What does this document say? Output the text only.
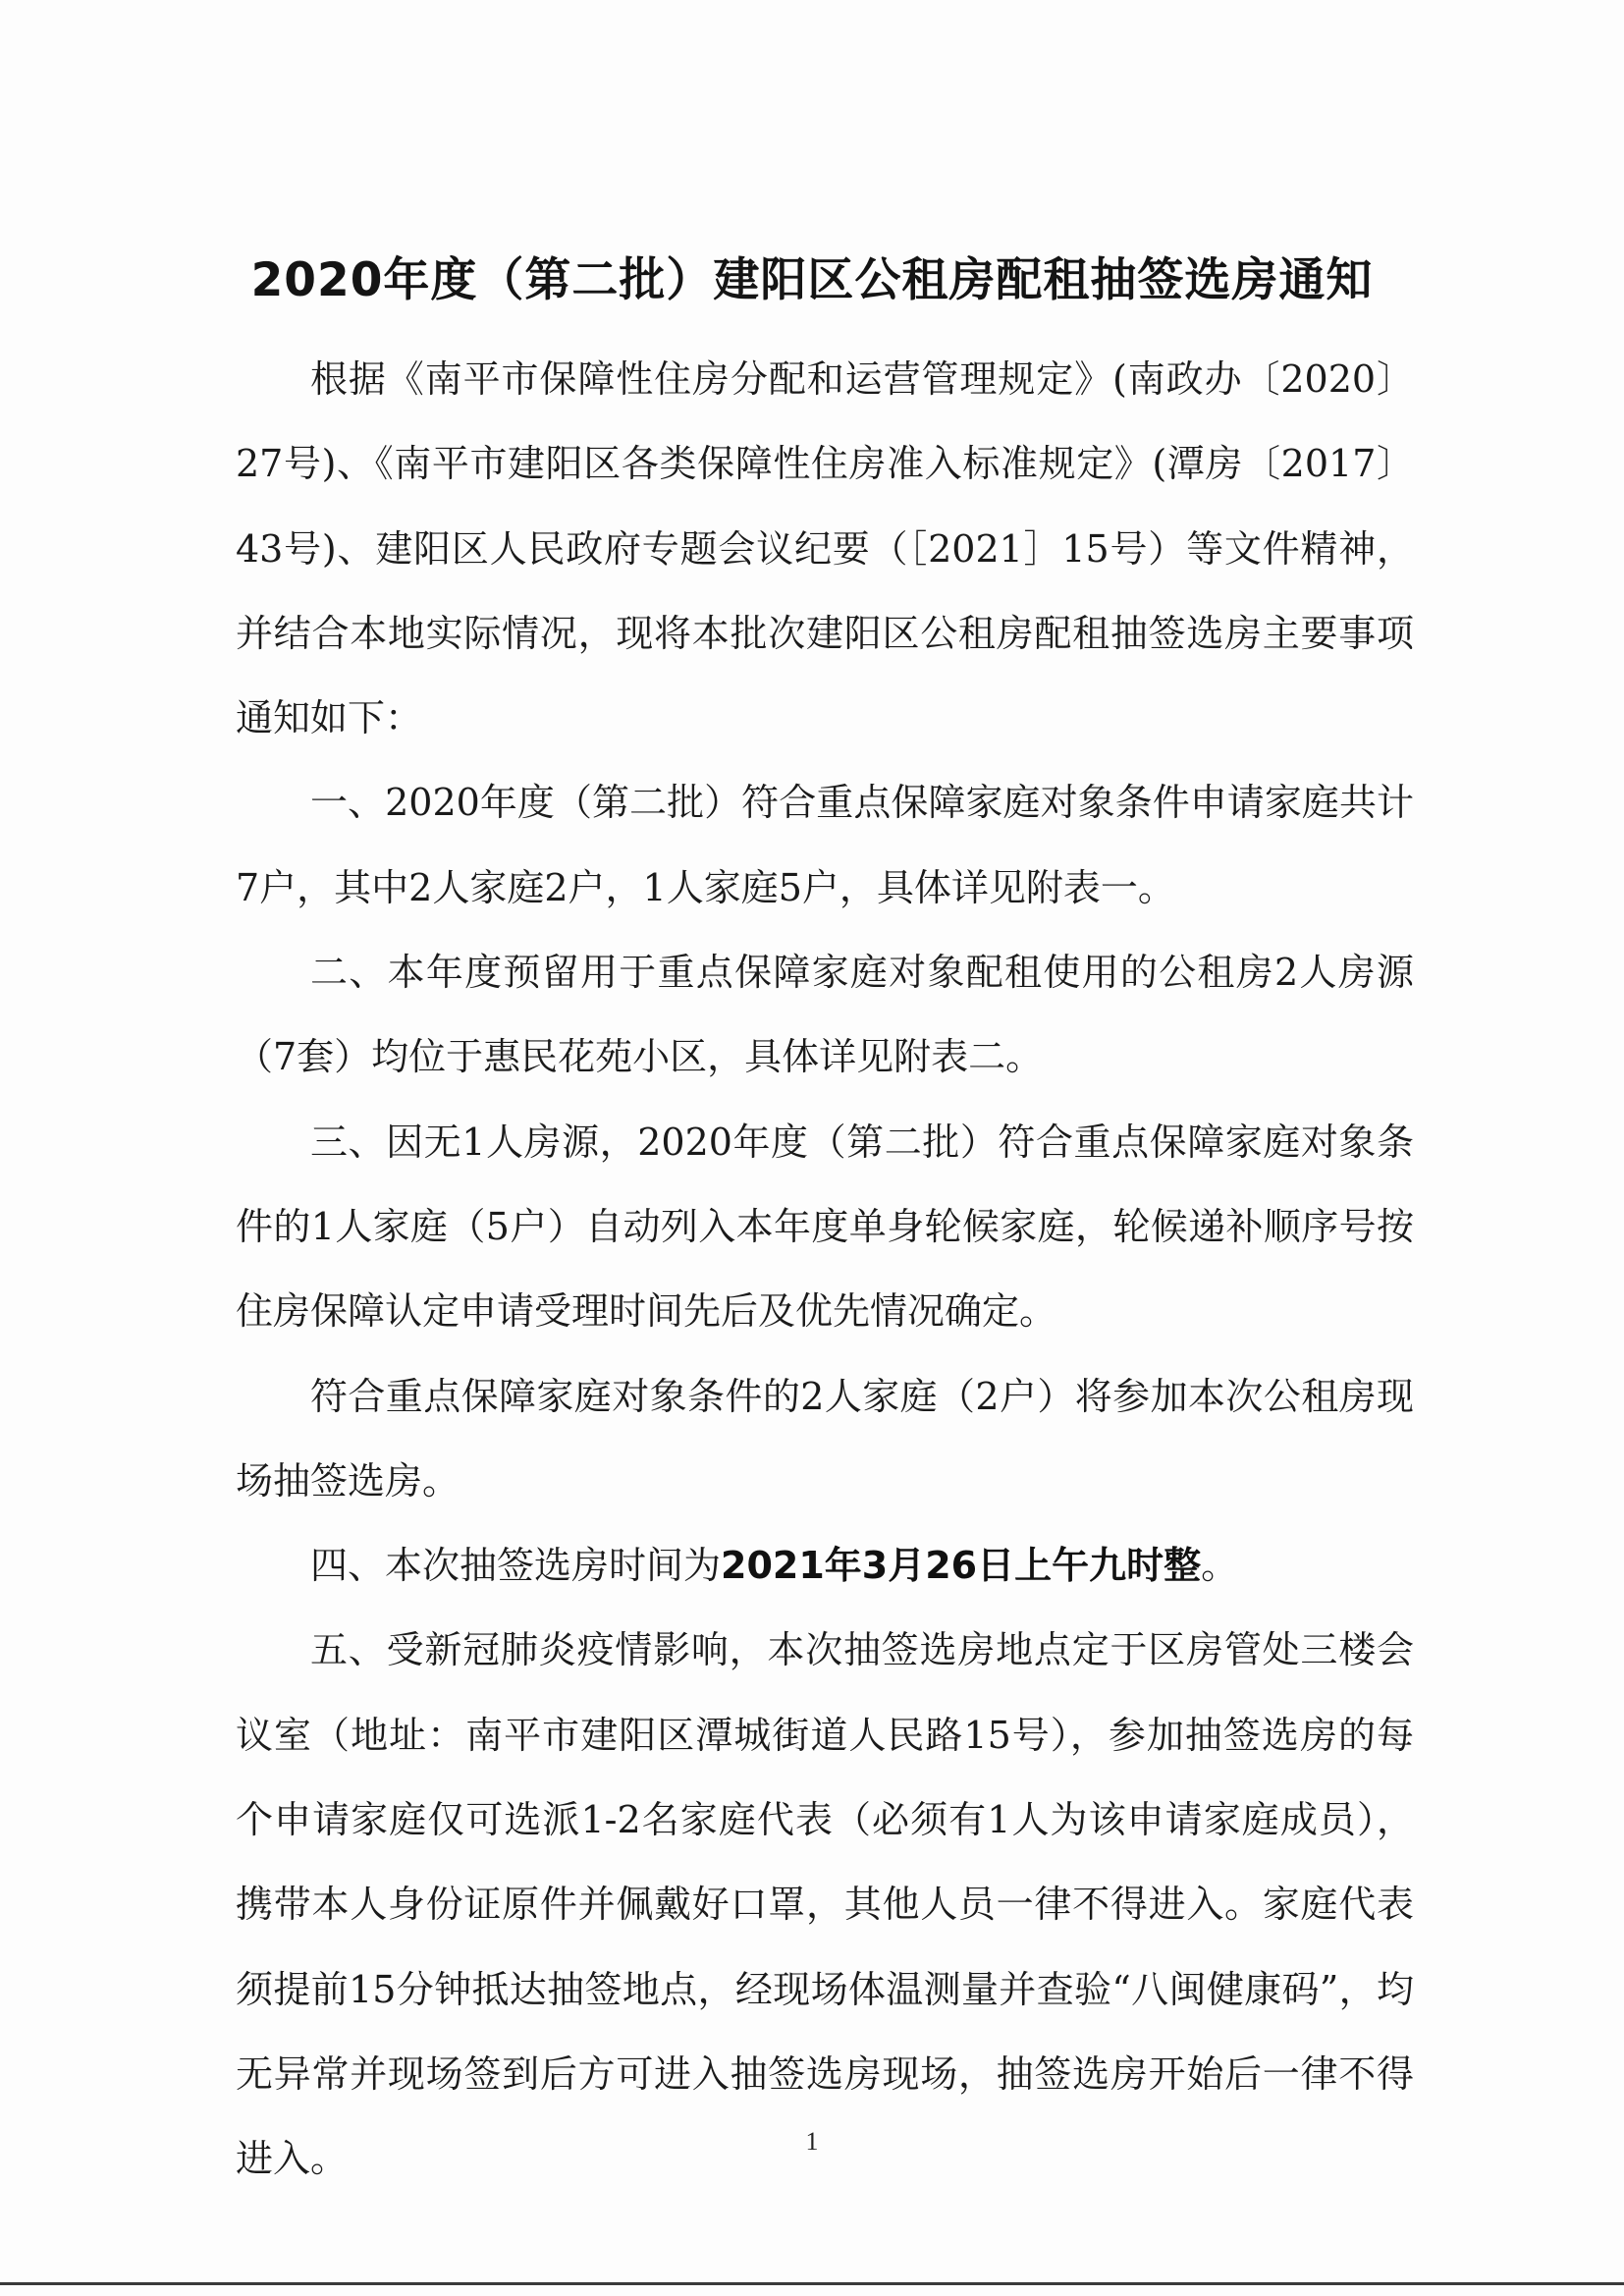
2020年度（第二批）建阳区公租房配租抽签选房通知

根据《南平市保障性住房分配和运营管理规定》(南政办〔2020〕27号)、《南平市建阳区各类保障性住房准入标准规定》(潭房〔2017〕43号)、建阳区人民政府专题会议纪要（［2021］15号）等文件精神，并结合本地实际情况，现将本批次建阳区公租房配租抽签选房主要事项通知如下：

一、2020年度（第二批）符合重点保障家庭对象条件申请家庭共计7户，其中2人家庭2户，1人家庭5户，具体详见附表一。

二、本年度预留用于重点保障家庭对象配租使用的公租房2人房源（7套）均位于惠民花苑小区，具体详见附表二。

三、因无1人房源，2020年度（第二批）符合重点保障家庭对象条件的1人家庭（5户）自动列入本年度单身轮候家庭，轮候递补顺序号按住房保障认定申请受理时间先后及优先情况确定。

符合重点保障家庭对象条件的2人家庭（2户）将参加本次公租房现场抽签选房。

四、本次抽签选房时间为2021年3月26日上午九时整。

五、受新冠肺炎疫情影响，本次抽签选房地点定于区房管处三楼会议室（地址：南平市建阳区潭城街道人民路15号），参加抽签选房的每个申请家庭仅可选派1-2名家庭代表（必须有1人为该申请家庭成员），携带本人身份证原件并佩戴好口罩，其他人员一律不得进入。家庭代表须提前15分钟抵达抽签地点，经现场体温测量并查验“八闽健康码”，均无异常并现场签到后方可进入抽签选房现场，抽签选房开始后一律不得进入。	1
